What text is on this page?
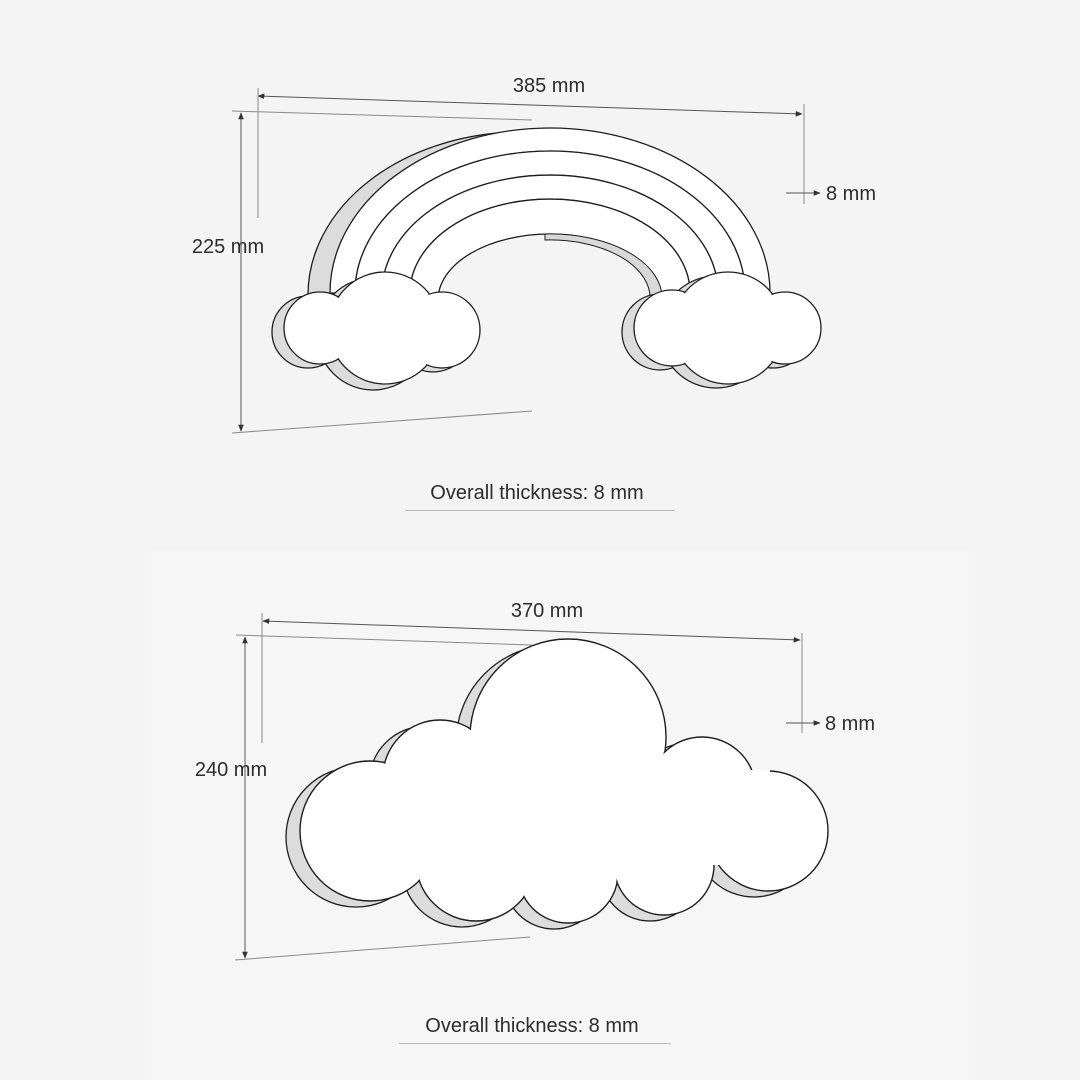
385 mm
225 mm
8 mm
Overall thickness: 8 mm
370 mm
240 mm
8 mm
Overall thickness: 8 mm
